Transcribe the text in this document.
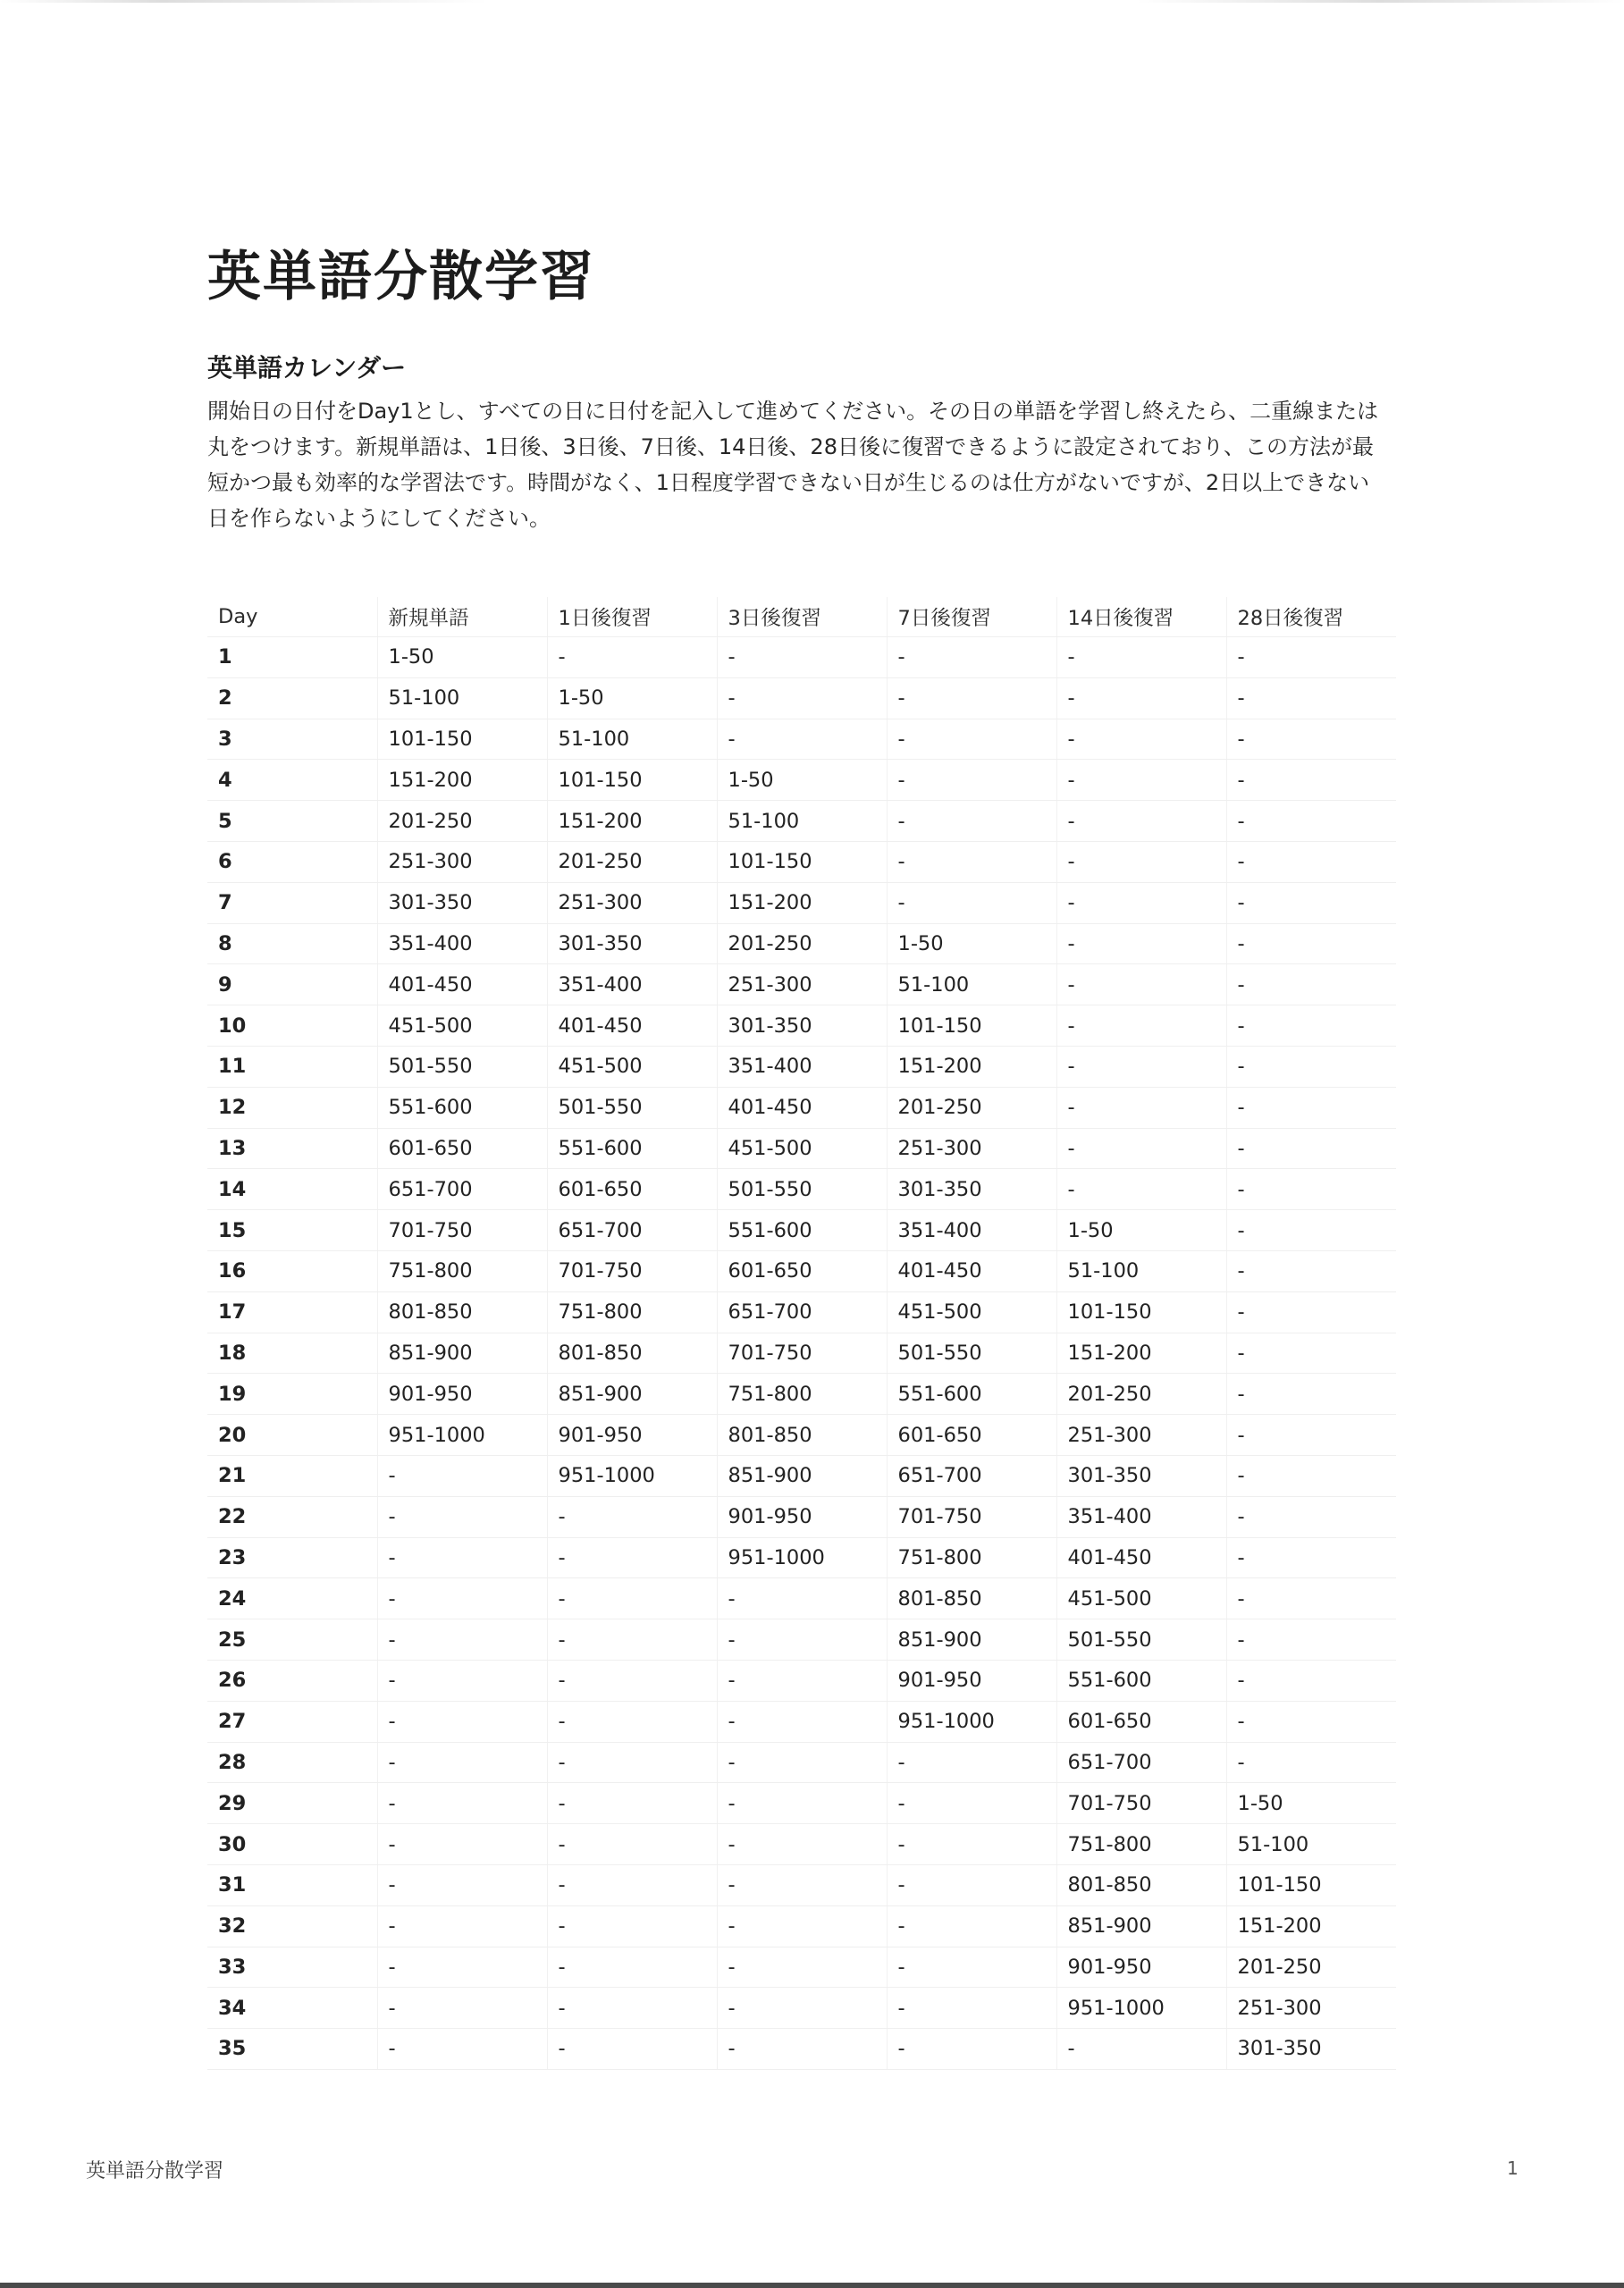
英単語分散学習
英単語カレンダー

開始日の日付をDay1とし、すべての日に日付を記入して進めてください。その日の単語を学習し終えたら、二重線または丸をつけます。新規単語は、1日後、3日後、7日後、14日後、28日後に復習できるように設定されており、この方法が最短かつ最も効率的な学習法です。時間がなく、1日程度学習できない日が生じるのは仕方がないですが、2日以上できない日を作らないようにしてください。

Day	新規単語	1日後復習	3日後復習	7日後復習	14日後復習	28日後復習
1	1-50	-	-	-	-	-
2	51-100	1-50	-	-	-	-
3	101-150	51-100	-	-	-	-
4	151-200	101-150	1-50	-	-	-
5	201-250	151-200	51-100	-	-	-
6	251-300	201-250	101-150	-	-	-
7	301-350	251-300	151-200	-	-	-
8	351-400	301-350	201-250	1-50	-	-
9	401-450	351-400	251-300	51-100	-	-
10	451-500	401-450	301-350	101-150	-	-
11	501-550	451-500	351-400	151-200	-	-
12	551-600	501-550	401-450	201-250	-	-
13	601-650	551-600	451-500	251-300	-	-
14	651-700	601-650	501-550	301-350	-	-
15	701-750	651-700	551-600	351-400	1-50	-
16	751-800	701-750	601-650	401-450	51-100	-
17	801-850	751-800	651-700	451-500	101-150	-
18	851-900	801-850	701-750	501-550	151-200	-
19	901-950	851-900	751-800	551-600	201-250	-
20	951-1000	901-950	801-850	601-650	251-300	-
21	-	951-1000	851-900	651-700	301-350	-
22	-	-	901-950	701-750	351-400	-
23	-	-	951-1000	751-800	401-450	-
24	-	-	-	801-850	451-500	-
25	-	-	-	851-900	501-550	-
26	-	-	-	901-950	551-600	-
27	-	-	-	951-1000	601-650	-
28	-	-	-	-	651-700	-
29	-	-	-	-	701-750	1-50
30	-	-	-	-	751-800	51-100
31	-	-	-	-	801-850	101-150
32	-	-	-	-	851-900	151-200
33	-	-	-	-	901-950	201-250
34	-	-	-	-	951-1000	251-300
35	-	-	-	-	-	301-350

英単語分散学習	1
